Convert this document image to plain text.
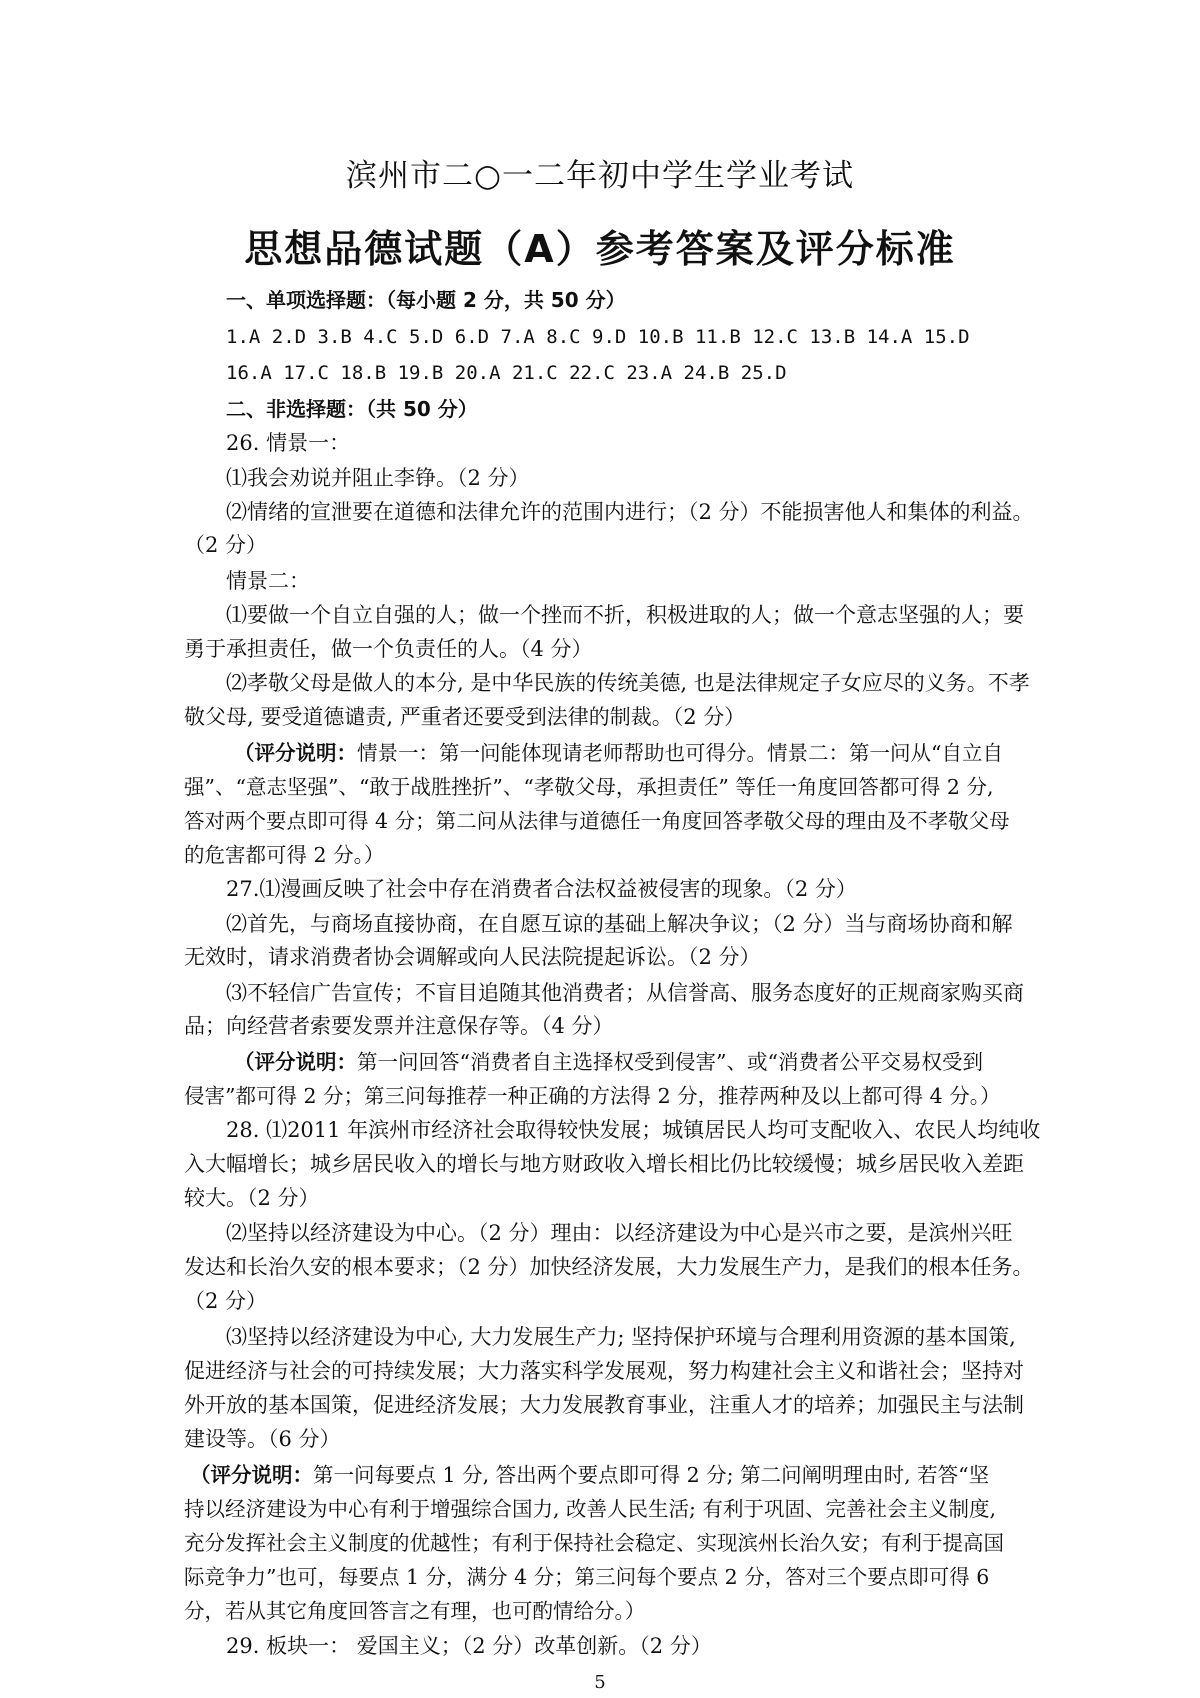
滨州市二○一二年初中学生学业考试
思想品德试题（A）参考答案及评分标准
一、单项选择题：（每小题 2 分，共 50 分）
1.A 2.D 3.B 4.C 5.D 6.D 7.A 8.C 9.D 10.B 11.B 12.C 13.B 14.A 15.D
16.A 17.C 18.B 19.B 20.A 21.C 22.C 23.A 24.B 25.D
二、非选择题：（共 50 分）
26. 情景一：
⑴我会劝说并阻止李铮。（2 分）
⑵情绪的宣泄要在道德和法律允许的范围内进行；（2 分）不能损害他人和集体的利益。
（2 分）
情景二：
⑴要做一个自立自强的人；做一个挫而不折，积极进取的人；做一个意志坚强的人；要
勇于承担责任，做一个负责任的人。（4 分）
⑵孝敬父母是做人的本分, 是中华民族的传统美德, 也是法律规定子女应尽的义务。不孝
敬父母, 要受道德谴责, 严重者还要受到法律的制裁。（2 分）
（评分说明：情景一：第一问能体现请老师帮助也可得分。情景二：第一问从“自立自
强”、“意志坚强”、“敢于战胜挫折”、“孝敬父母，承担责任” 等任一角度回答都可得 2 分,
答对两个要点即可得 4 分；第二问从法律与道德任一角度回答孝敬父母的理由及不孝敬父母
的危害都可得 2 分。）
27.⑴漫画反映了社会中存在消费者合法权益被侵害的现象。（2 分）
⑵首先，与商场直接协商，在自愿互谅的基础上解决争议；（2 分）当与商场协商和解
无效时，请求消费者协会调解或向人民法院提起诉讼。（2 分）
⑶不轻信广告宣传；不盲目追随其他消费者；从信誉高、服务态度好的正规商家购买商
品；向经营者索要发票并注意保存等。（4 分）
（评分说明：第一问回答“消费者自主选择权受到侵害”、或“消费者公平交易权受到
侵害”都可得 2 分；第三问每推荐一种正确的方法得 2 分，推荐两种及以上都可得 4 分。）
28. ⑴2011 年滨州市经济社会取得较快发展；城镇居民人均可支配收入、农民人均纯收
入大幅增长；城乡居民收入的增长与地方财政收入增长相比仍比较缓慢；城乡居民收入差距
较大。（2 分）
⑵坚持以经济建设为中心。（2 分）理由：以经济建设为中心是兴市之要，是滨州兴旺
发达和长治久安的根本要求；（2 分）加快经济发展，大力发展生产力，是我们的根本任务。
（2 分）
⑶坚持以经济建设为中心, 大力发展生产力; 坚持保护环境与合理利用资源的基本国策,
促进经济与社会的可持续发展；大力落实科学发展观，努力构建社会主义和谐社会；坚持对
外开放的基本国策，促进经济发展；大力发展教育事业，注重人才的培养；加强民主与法制
建设等。（6 分）
（评分说明：第一问每要点 1 分, 答出两个要点即可得 2 分; 第二问阐明理由时, 若答“坚
持以经济建设为中心有利于增强综合国力, 改善人民生活; 有利于巩固、完善社会主义制度,
充分发挥社会主义制度的优越性；有利于保持社会稳定、实现滨州长治久安；有利于提高国
际竞争力”也可，每要点 1 分，满分 4 分；第三问每个要点 2 分，答对三个要点即可得 6
分，若从其它角度回答言之有理，也可酌情给分。）
29. 板块一： 爱国主义；（2 分）改革创新。（2 分）
5
